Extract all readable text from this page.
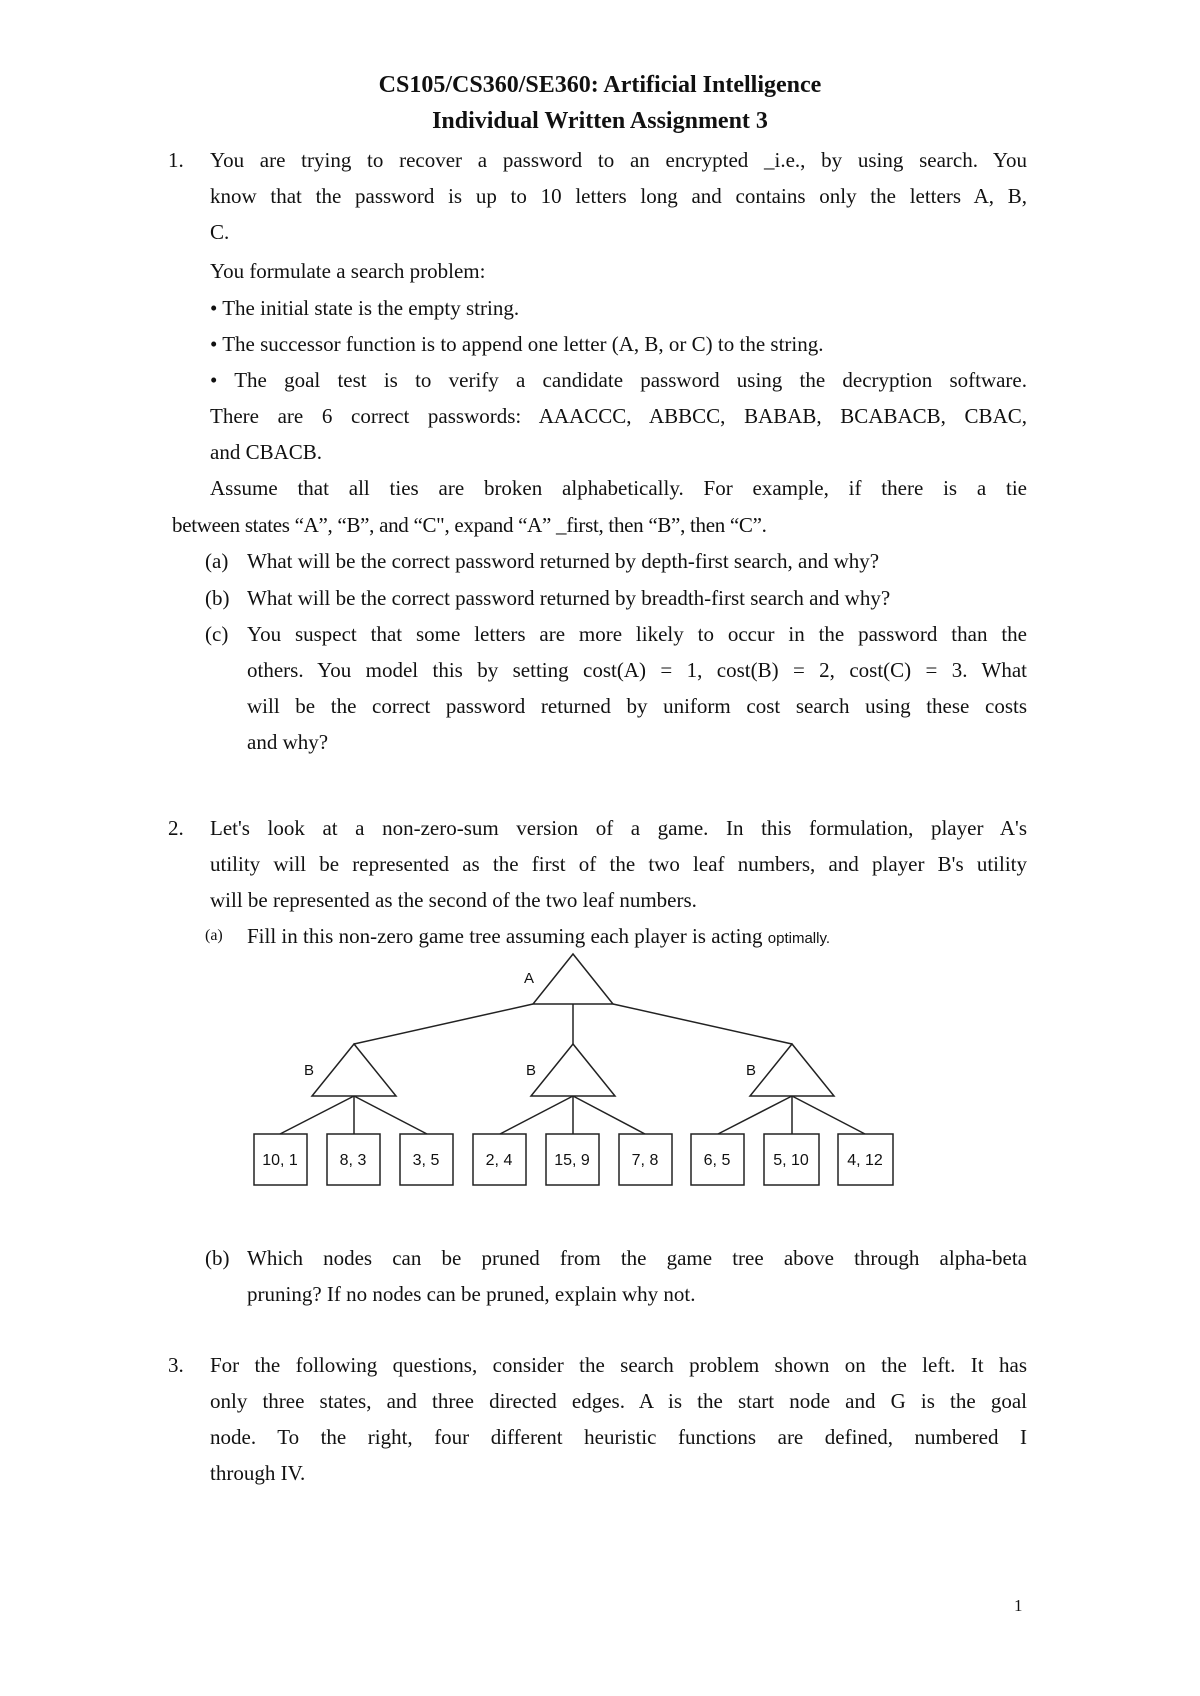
CS105/CS360/SE360: Artificial Intelligence
Individual Written Assignment 3
1. You are trying to recover a password to an encrypted _i.e., by using search. You
know that the password is up to 10 letters long and contains only the letters A, B,
C.
You formulate a search problem:
• The initial state is the empty string.
• The successor function is to append one letter (A, B, or C) to the string.
• The goal test is to verify a candidate password using the decryption software.
There are 6 correct passwords: AAACCC, ABBCC, BABAB, BCABACB, CBAC,
and CBACB.
Assume that all ties are broken alphabetically. For example, if there is a tie
between states “A”, “B”, and “C", expand “A” _first, then “B”, then “C”.
(a) What will be the correct password returned by depth-first search, and why?
(b) What will be the correct password returned by breadth-first search and why?
(c) You suspect that some letters are more likely to occur in the password than the
others. You model this by setting cost(A) = 1, cost(B) = 2, cost(C) = 3. What
will be the correct password returned by uniform cost search using these costs
and why?
2. Let's look at a non-zero-sum version of a game. In this formulation, player A's
utility will be represented as the first of the two leaf numbers, and player B's utility
will be represented as the second of the two leaf numbers.
(a) Fill in this non-zero game tree assuming each player is acting optimally.
A
B	B	B
10, 1	8, 3	3, 5	2, 4	15, 9	7, 8	6, 5	5, 10 4, 12
(b) Which nodes can be pruned from the game tree above through alpha-beta
pruning? If no nodes can be pruned, explain why not.
3. For the following questions, consider the search problem shown on the left. It has
only three states, and three directed edges. A is the start node and G is the goal
node. To the right, four different heuristic functions are defined, numbered I
through IV.
1
